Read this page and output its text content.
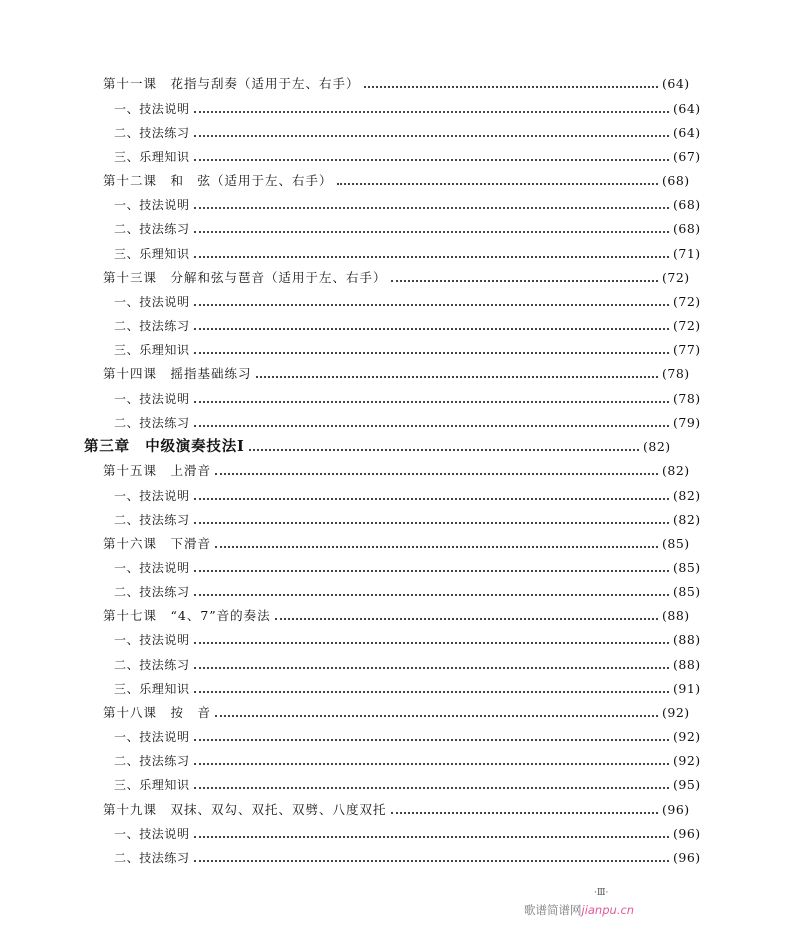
第十一课　花指与刮奏（适用于左、右手）	(64)
一、技法说明	(64)
二、技法练习	(64)
三、乐理知识	(67)
第十二课　和　弦（适用于左、右手）	(68)
一、技法说明	(68)
二、技法练习	(68)
三、乐理知识	(71)
第十三课　分解和弦与琶音（适用于左、右手）	(72)
一、技法说明	(72)
二、技法练习	(72)
三、乐理知识	(77)
第十四课　摇指基础练习	(78)
一、技法说明	(78)
二、技法练习	(79)
第三章　中级演奏技法Ⅰ	(82)
第十五课　上滑音	(82)
一、技法说明	(82)
二、技法练习	(82)
第十六课　下滑音	(85)
一、技法说明	(85)
二、技法练习	(85)
第十七课　“4、7”音的奏法	(88)
一、技法说明	(88)
二、技法练习	(88)
三、乐理知识	(91)
第十八课　按　音	(92)
一、技法说明	(92)
二、技法练习	(92)
三、乐理知识	(95)
第十九课　双抹、双勾、双托、双劈、八度双托	(96)
一、技法说明	(96)
二、技法练习	(96)
·Ⅲ·
歌谱简谱网jianpu.cn
